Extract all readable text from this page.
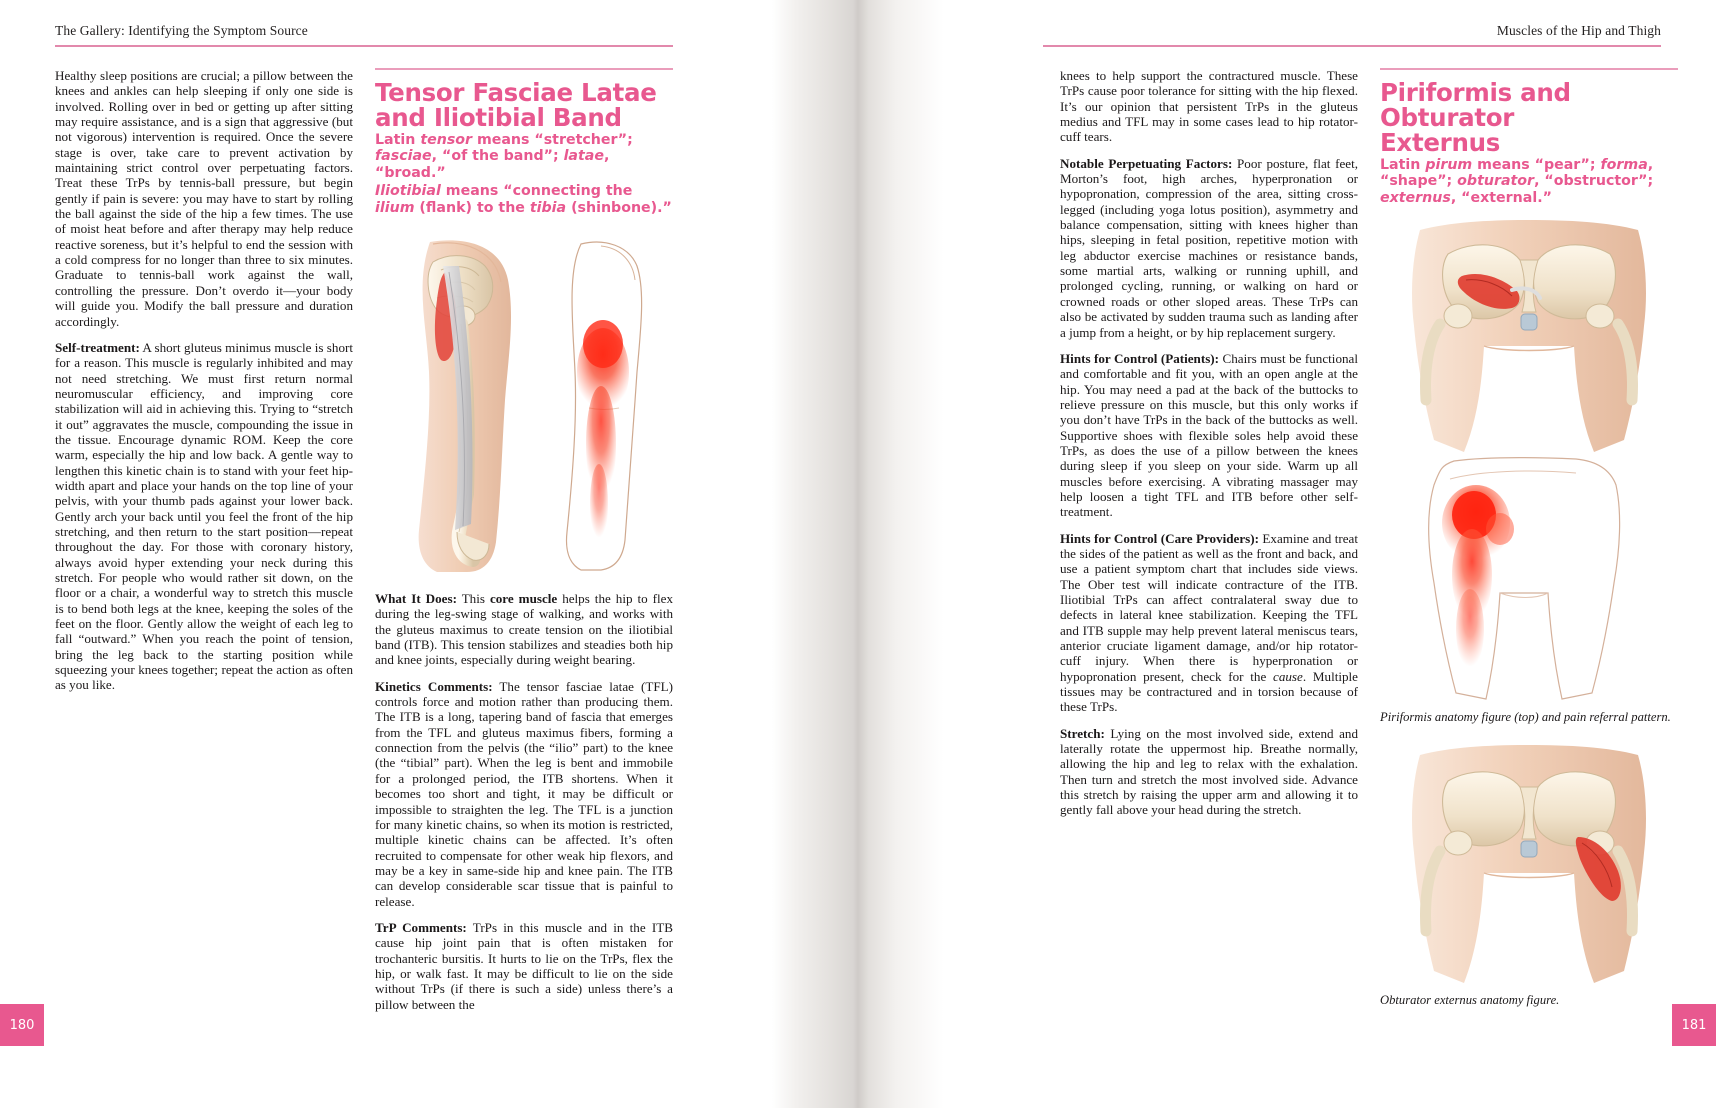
The Gallery: Identifying the Symptom Source

Healthy sleep positions are crucial; a pillow between the knees and ankles can help sleeping if only one side is involved. Rolling over in bed or getting up after sitting may require assistance, and is a sign that aggressive (but not vigorous) intervention is required. Once the severe stage is over, take care to prevent activation by maintaining strict control over perpetuating factors. Treat these TrPs by tennis-ball pressure, but begin gently if pain is severe: you may have to start by rolling the ball against the side of the hip a few times. The use of moist heat before and after therapy may help reduce reactive soreness, but it’s helpful to end the session with a cold compress for no longer than three to six minutes. Graduate to tennis-ball work against the wall, controlling the pressure. Don’t overdo it—your body will guide you. Modify the ball pressure and duration accordingly.

Self-treatment: A short gluteus minimus muscle is short for a reason. This muscle is regularly inhibited and may not need stretching. We must first return normal neuromuscular efficiency, and improving core stabilization will aid in achieving this. Trying to “stretch it out” aggravates the muscle, compounding the issue in the tissue. Encourage dynamic ROM. Keep the core warm, especially the hip and low back. A gentle way to lengthen this kinetic chain is to stand with your feet hip-width apart and place your hands on the top line of your pelvis, with your thumb pads against your lower back. Gently arch your back until you feel the front of the hip stretching, and then return to the start position—repeat throughout the day. For those with coronary history, always avoid hyper extending your neck during this stretch. For people who would rather sit down, on the floor or a chair, a wonderful way to stretch this muscle is to bend both legs at the knee, keeping the soles of the feet on the floor. Gently allow the weight of each leg to fall “outward.” When you reach the point of tension, bring the leg back to the starting position while squeezing your knees together; repeat the action as often as you like.

Tensor Fasciae Latae
and Iliotibial Band

Latin tensor means “stretcher”; fasciae, “of the band”; latae, “broad.”

Iliotibial means “connecting the ilium (flank) to the tibia (shinbone).”

What It Does: This core muscle helps the hip to flex during the leg-swing stage of walking, and works with the gluteus maximus to create tension on the iliotibial band (ITB). This tension stabilizes and steadies both hip and knee joints, especially during weight bearing.

Kinetics Comments: The tensor fasciae latae (TFL) controls force and motion rather than producing them. The ITB is a long, tapering band of fascia that emerges from the TFL and gluteus maximus fibers, forming a connection from the pelvis (the “ilio” part) to the knee (the “tibial” part). When the leg is bent and immobile for a prolonged period, the ITB shortens. When it becomes too short and tight, it may be difficult or impossible to straighten the leg. The TFL is a junction for many kinetic chains, so when its motion is restricted, multiple kinetic chains can be affected. It’s often recruited to compensate for other weak hip flexors, and may be a key in same-side hip and knee pain. The ITB can develop considerable scar tissue that is painful to release.

TrP Comments: TrPs in this muscle and in the ITB cause hip joint pain that is often mistaken for trochanteric bursitis. It hurts to lie on the TrPs, flex the hip, or walk fast. It may be difficult to lie on the side without TrPs (if there is such a side) unless there’s a pillow between the

180
Muscles of the Hip and Thigh

knees to help support the contractured muscle. These TrPs cause poor tolerance for sitting with the hip flexed. It’s our opinion that persistent TrPs in the gluteus medius and TFL may in some cases lead to hip rotator-cuff tears.

Notable Perpetuating Factors: Poor posture, flat feet, Morton’s foot, high arches, hyperpronation or hypopronation, compression of the area, sitting cross-legged (including yoga lotus position), asymmetry and balance compensation, sitting with knees higher than hips, sleeping in fetal position, repetitive motion with leg abductor exercise machines or resistance bands, some martial arts, walking or running uphill, and prolonged cycling, running, or walking on hard or crowned roads or other sloped areas. These TrPs can also be activated by sudden trauma such as landing after a jump from a height, or by hip replacement surgery.

Hints for Control (Patients): Chairs must be functional and comfortable and fit you, with an open angle at the hip. You may need a pad at the back of the buttocks to relieve pressure on this muscle, but this only works if you don’t have TrPs in the back of the buttocks as well. Supportive shoes with flexible soles help avoid these TrPs, as does the use of a pillow between the knees during sleep if you sleep on your side. Warm up all muscles before exercising. A vibrating massager may help loosen a tight TFL and ITB before other self-treatment.

Hints for Control (Care Providers): Examine and treat the sides of the patient as well as the front and back, and use a patient symptom chart that includes side views. The Ober test will indicate contracture of the ITB. Iliotibial TrPs can affect contralateral sway due to defects in lateral knee stabilization. Keeping the TFL and ITB supple may help prevent lateral meniscus tears, anterior cruciate ligament damage, and/or hip rotator-cuff injury. When there is hyperpronation or hypopronation present, check for the cause. Multiple tissues may be contractured and in torsion because of these TrPs.

Stretch: Lying on the most involved side, extend and laterally rotate the uppermost hip. Breathe normally, allowing the hip and leg to relax with the exhalation. Then turn and stretch the most involved side. Advance this stretch by raising the upper arm and allowing it to gently fall above your head during the stretch.

Piriformis and Obturator
Externus

Latin pirum means “pear”; forma, “shape”; obturator, “obstructor”; externus, “external.”

Piriformis anatomy figure (top) and pain referral pattern.

Obturator externus anatomy figure.

181
